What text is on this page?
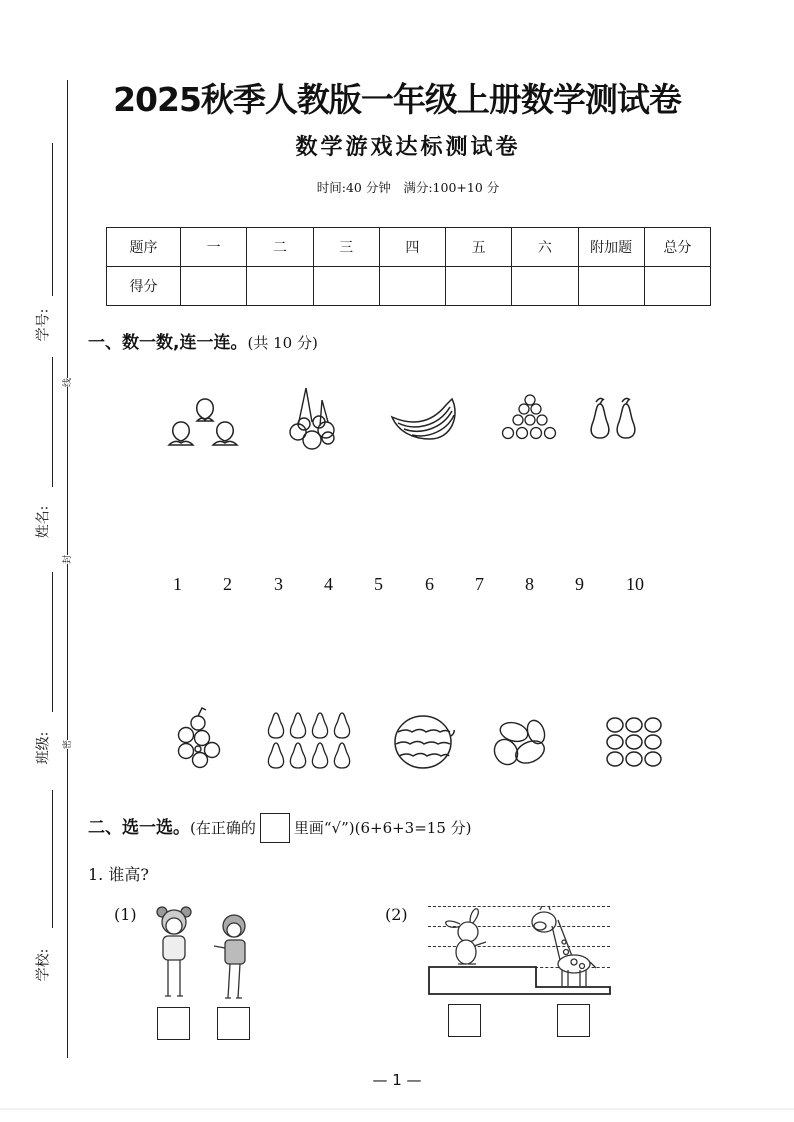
学号:
姓名:
班级:
学校:
线
封
密
2025秋季人教版一年级上册数学测试卷
数学游戏达标测试卷
时间:40 分钟　满分:100+10 分
题序	一	二	三	四	五	六	附加题	总分
得分								
一、数一数,连一连。(共 10 分)
1 2 3 4 5 6 7 8 9 10
二、选一选。(在正确的	里画“√”)(6+6+3=15 分)
1. 谁高?
(1)	(2)
— 1 —
